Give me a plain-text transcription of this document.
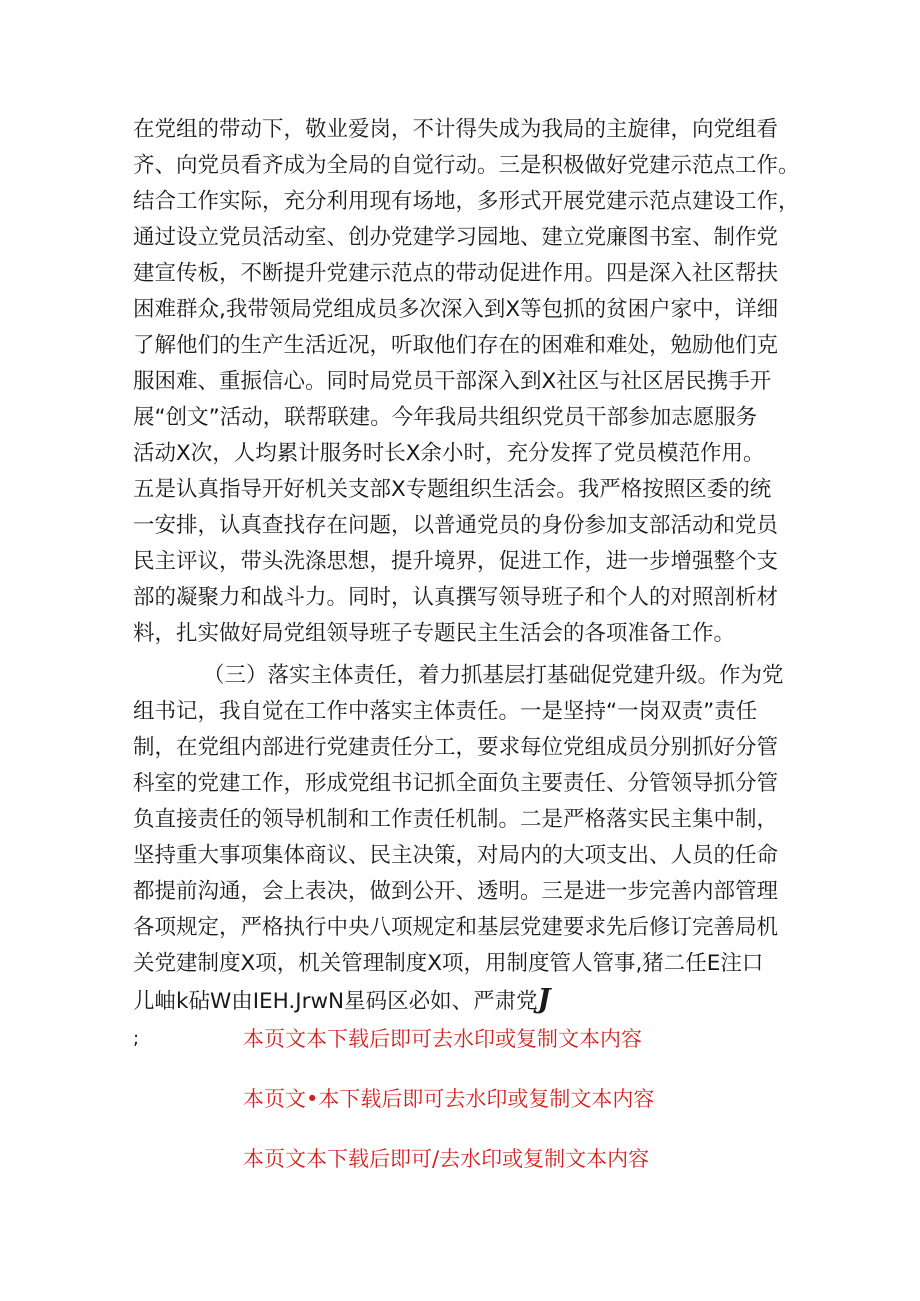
在党组的带动下，敬业爱岗，不计得失成为我局的主旋律，向党组看
齐、向党员看齐成为全局的自觉行动。三是积极做好党建示范点工作。
结合工作实际，充分利用现有场地，多形式开展党建示范点建设工作，
通过设立党员活动室、创办党建学习园地、建立党廉图书室、制作党
建宣传板，不断提升党建示范点的带动促进作用。四是深入社区帮扶
困难群众,我带领局党组成员多次深入到X等包抓的贫困户家中，详细
了解他们的生产生活近况，听取他们存在的困难和难处，勉励他们克
服困难、重振信心。同时局党员干部深入到X社区与社区居民携手开
展“创文”活动，联帮联建。今年我局共组织党员干部参加志愿服务
活动X次，人均累计服务时长X余小时，充分发挥了党员模范作用。
五是认真指导开好机关支部X专题组织生活会。我严格按照区委的统
一安排，认真查找存在问题，以普通党员的身份参加支部活动和党员
民主评议，带头洗涤思想，提升境界，促进工作，进一步增强整个支
部的凝聚力和战斗力。同时，认真撰写领导班子和个人的对照剖析材
料，扎实做好局党组领导班子专题民主生活会的各项准备工作。
（三）落实主体责任，着力抓基层打基础促党建升级。作为党
组书记，我自觉在工作中落实主体责任。一是坚持“一岗双责”责任
制，在党组内部进行党建责任分工，要求每位党组成员分别抓好分管
科室的党建工作，形成党组书记抓全面负主要责任、分管领导抓分管
负直接责任的领导机制和工作责任机制。二是严格落实民主集中制，
坚持重大事项集体商议、民主决策，对局内的大项支出、人员的任命
都提前沟通，会上表决，做到公开、透明。三是进一步完善内部管理
各项规定，严格执行中央八项规定和基层党建要求先后修订完善局机
关党建制度X项，机关管理制度X项，用制度管人管事,猪二任E注口
儿岫k砧W由IEH.JrwN星码区必如、严肃党J
;	本页文本下载后即可去水印或复制文本内容
本页文•本下载后即可去水印或复制文本内容
本页文本下载后即可/去水印或复制文本内容
